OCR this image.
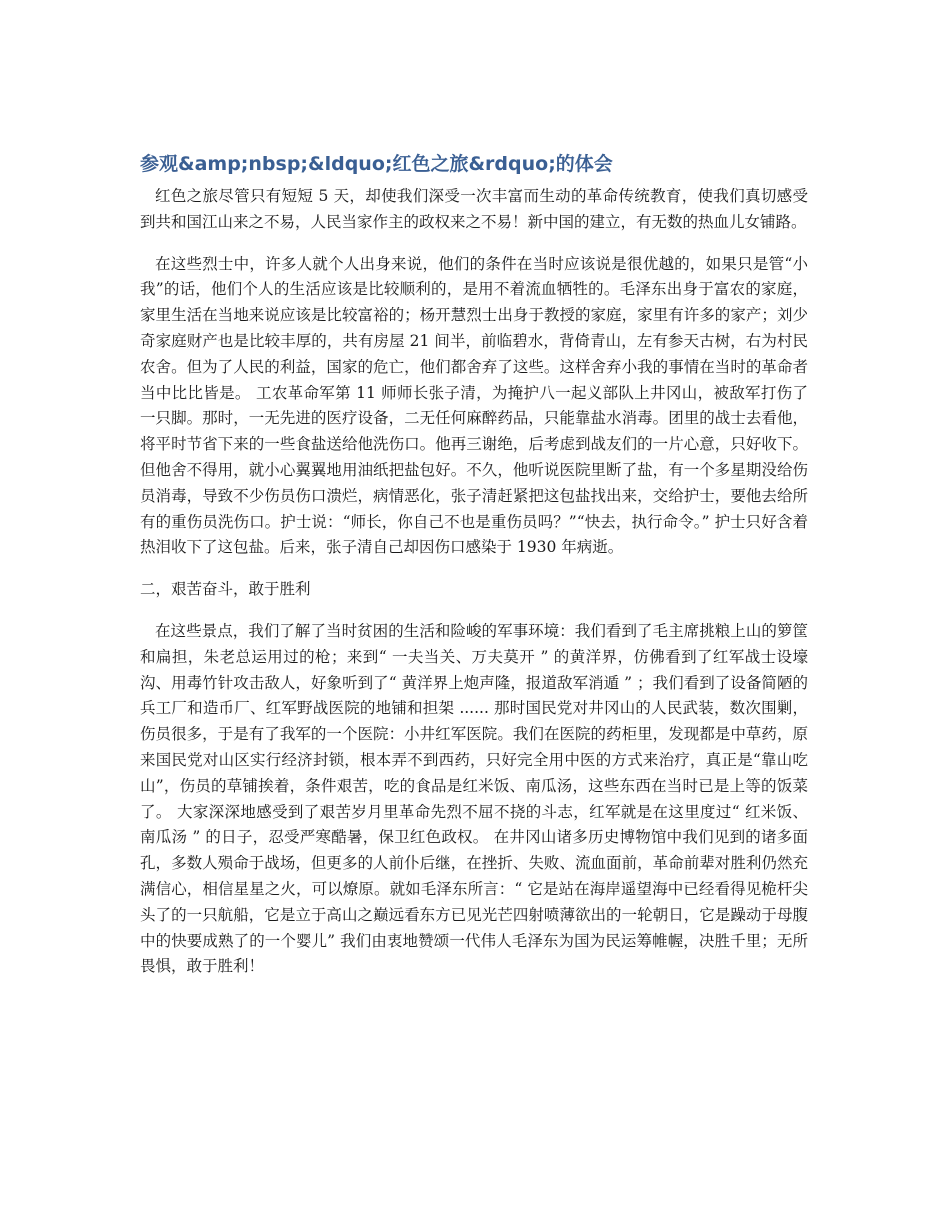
参观&amp;nbsp;&ldquo;红色之旅&rdquo;的体会

红色之旅尽管只有短短 5 天，却使我们深受一次丰富而生动的革命传统教育，使我们真切感受到共和国江山来之不易，人民当家作主的政权来之不易！新中国的建立，有无数的热血儿女铺路。

在这些烈士中，许多人就个人出身来说，他们的条件在当时应该说是很优越的，如果只是管“小我”的话，他们个人的生活应该是比较顺利的，是用不着流血牺牲的。毛泽东出身于富农的家庭，家里生活在当地来说应该是比较富裕的；杨开慧烈士出身于教授的家庭，家里有许多的家产；刘少奇家庭财产也是比较丰厚的，共有房屋 21 间半，前临碧水，背倚青山，左有参天古树，右为村民农舍。但为了人民的利益，国家的危亡，他们都舍弃了这些。这样舍弃小我的事情在当时的革命者当中比比皆是。 工农革命军第 11 师师长张子清，为掩护八一起义部队上井冈山，被敌军打伤了一只脚。那时，一无先进的医疗设备，二无任何麻醉药品，只能靠盐水消毒。团里的战士去看他，将平时节省下来的一些食盐送给他洗伤口。他再三谢绝，后考虑到战友们的一片心意，只好收下。但他舍不得用，就小心翼翼地用油纸把盐包好。不久，他听说医院里断了盐，有一个多星期没给伤员消毒，导致不少伤员伤口溃烂，病情恶化，张子清赶紧把这包盐找出来，交给护士，要他去给所有的重伤员洗伤口。护士说：“师长，你自己不也是重伤员吗？”“快去，执行命令。” 护士只好含着热泪收下了这包盐。后来，张子清自己却因伤口感染于 1930 年病逝。

二，艰苦奋斗，敢于胜利

在这些景点，我们了解了当时贫困的生活和险峻的军事环境：我们看到了毛主席挑粮上山的箩筐和扁担，朱老总运用过的枪；来到“ 一夫当关、万夫莫开 ” 的黄洋界，仿佛看到了红军战士设壕沟、用毒竹针攻击敌人，好象听到了“ 黄洋界上炮声隆，报道敌军消遁 ” ；我们看到了设备简陋的兵工厂和造币厂、红军野战医院的地铺和担架 ...... 那时国民党对井冈山的人民武装，数次围剿，伤员很多，于是有了我军的一个医院：小井红军医院。我们在医院的药柜里，发现都是中草药，原来国民党对山区实行经济封锁，根本弄不到西药，只好完全用中医的方式来治疗，真正是“靠山吃山”，伤员的草铺挨着，条件艰苦，吃的食品是红米饭、南瓜汤，这些东西在当时已是上等的饭菜了。 大家深深地感受到了艰苦岁月里革命先烈不屈不挠的斗志，红军就是在这里度过“ 红米饭、南瓜汤 ” 的日子，忍受严寒酷暑，保卫红色政权。 在井冈山诸多历史博物馆中我们见到的诸多面孔，多数人殒命于战场，但更多的人前仆后继，在挫折、失败、流血面前，革命前辈对胜利仍然充满信心，相信星星之火，可以燎原。就如毛泽东所言：“ 它是站在海岸遥望海中已经看得见桅杆尖头了的一只航船，它是立于高山之巅远看东方已见光芒四射喷薄欲出的一轮朝日，它是躁动于母腹中的快要成熟了的一个婴儿” 我们由衷地赞颂一代伟人毛泽东为国为民运筹帷幄，决胜千里；无所畏惧，敢于胜利！
